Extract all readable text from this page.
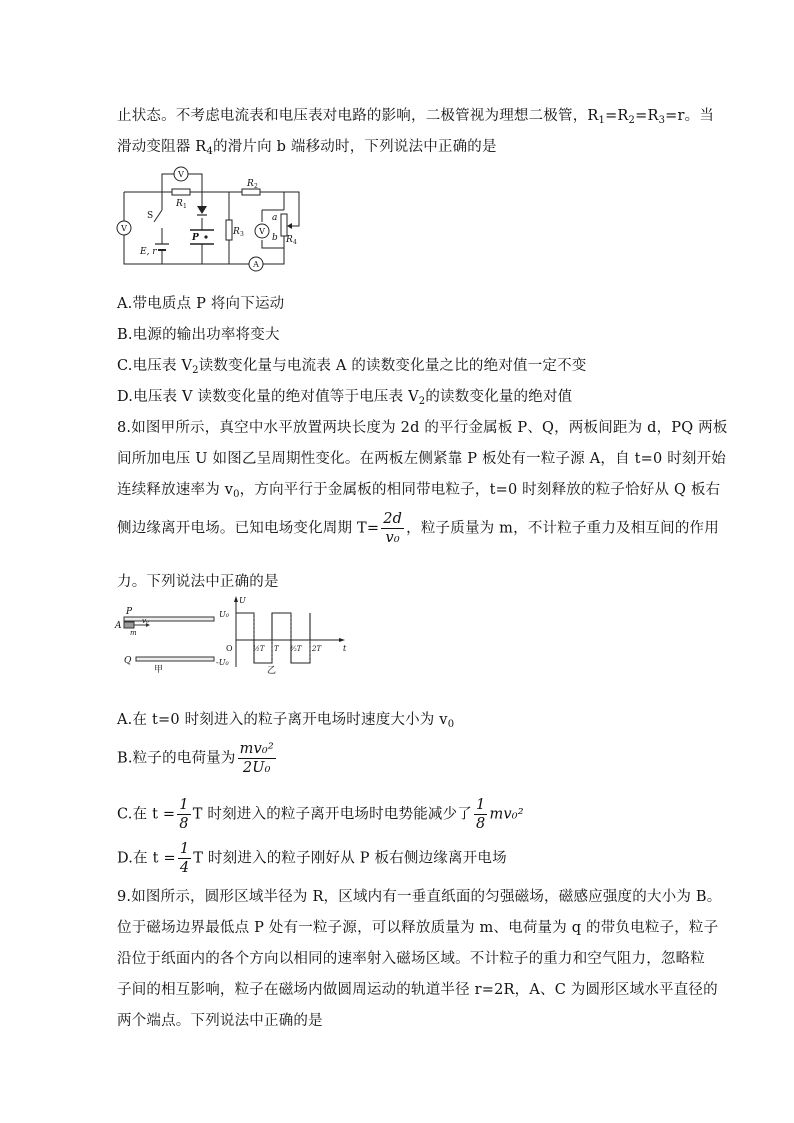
止状态。不考虑电流表和电压表对电路的影响，二极管视为理想二极管，$R_1=R_2=R_3=r$。当
滑动变阻器 $R_4$的滑片向 b 端移动时，下列说法中正确的是
V
V	V
A
R 1
R 2
R 3
R 4
S
E, r
P
a
b
A.带电质点 P 将向下运动
B.电源的输出功率将变大
C.电压表 $V_2$读数变化量与电流表 A 的读数变化量之比的绝对值一定不变
D.电压表 V 读数变化量的绝对值等于电压表 $V_2$的读数变化量的绝对值
8.如图甲所示，真空中水平放置两块长度为 2d 的平行金属板 P、Q，两板间距为 d，PQ 两板
间所加电压 U 如图乙呈周期性变化。在两板左侧紧靠 P 板处有一粒子源 A，自 t=0 时刻开始
连续释放速率为 $v_0$，方向平行于金属板的相同带电粒子，t=0 时刻释放的粒子恰好从 Q 板右
侧边缘离开电场。已知电场变化周期 $T= \frac{2d}{\text{v₀}}$ ，粒子质量为 m，不计粒子重力及相互间的作用
力。下列说法中正确的是
P
A
m
v₀
Q
甲
U
U₀
-U₀
O	t
½T T ³⁄₂T 2T
乙
A.在 t=0 时刻进入的粒子离开电场时速度大小为 $v_0$
B.粒子的电荷量为 $\frac{\text{mv₀²}}{\text{2U₀}}$
C.在 $t = \frac{1}{8}$ T 时刻进入的粒子离开电场时电势能减少了 $\frac{1}{8} mv_0^2$
D.在 $t = \frac{1}{4}$ T 时刻进入的粒子刚好从 P 板右侧边缘离开电场
9.如图所示，圆形区域半径为 R，区域内有一垂直纸面的匀强磁场，磁感应强度的大小为 B。
位于磁场边界最低点 P 处有一粒子源，可以释放质量为 m、电荷量为 q 的带负电粒子，粒子
沿位于纸面内的各个方向以相同的速率射入磁场区域。不计粒子的重力和空气阻力，忽略粒
子间的相互影响，粒子在磁场内做圆周运动的轨道半径 r=2R，A、C 为圆形区域水平直径的
两个端点。下列说法中正确的是
